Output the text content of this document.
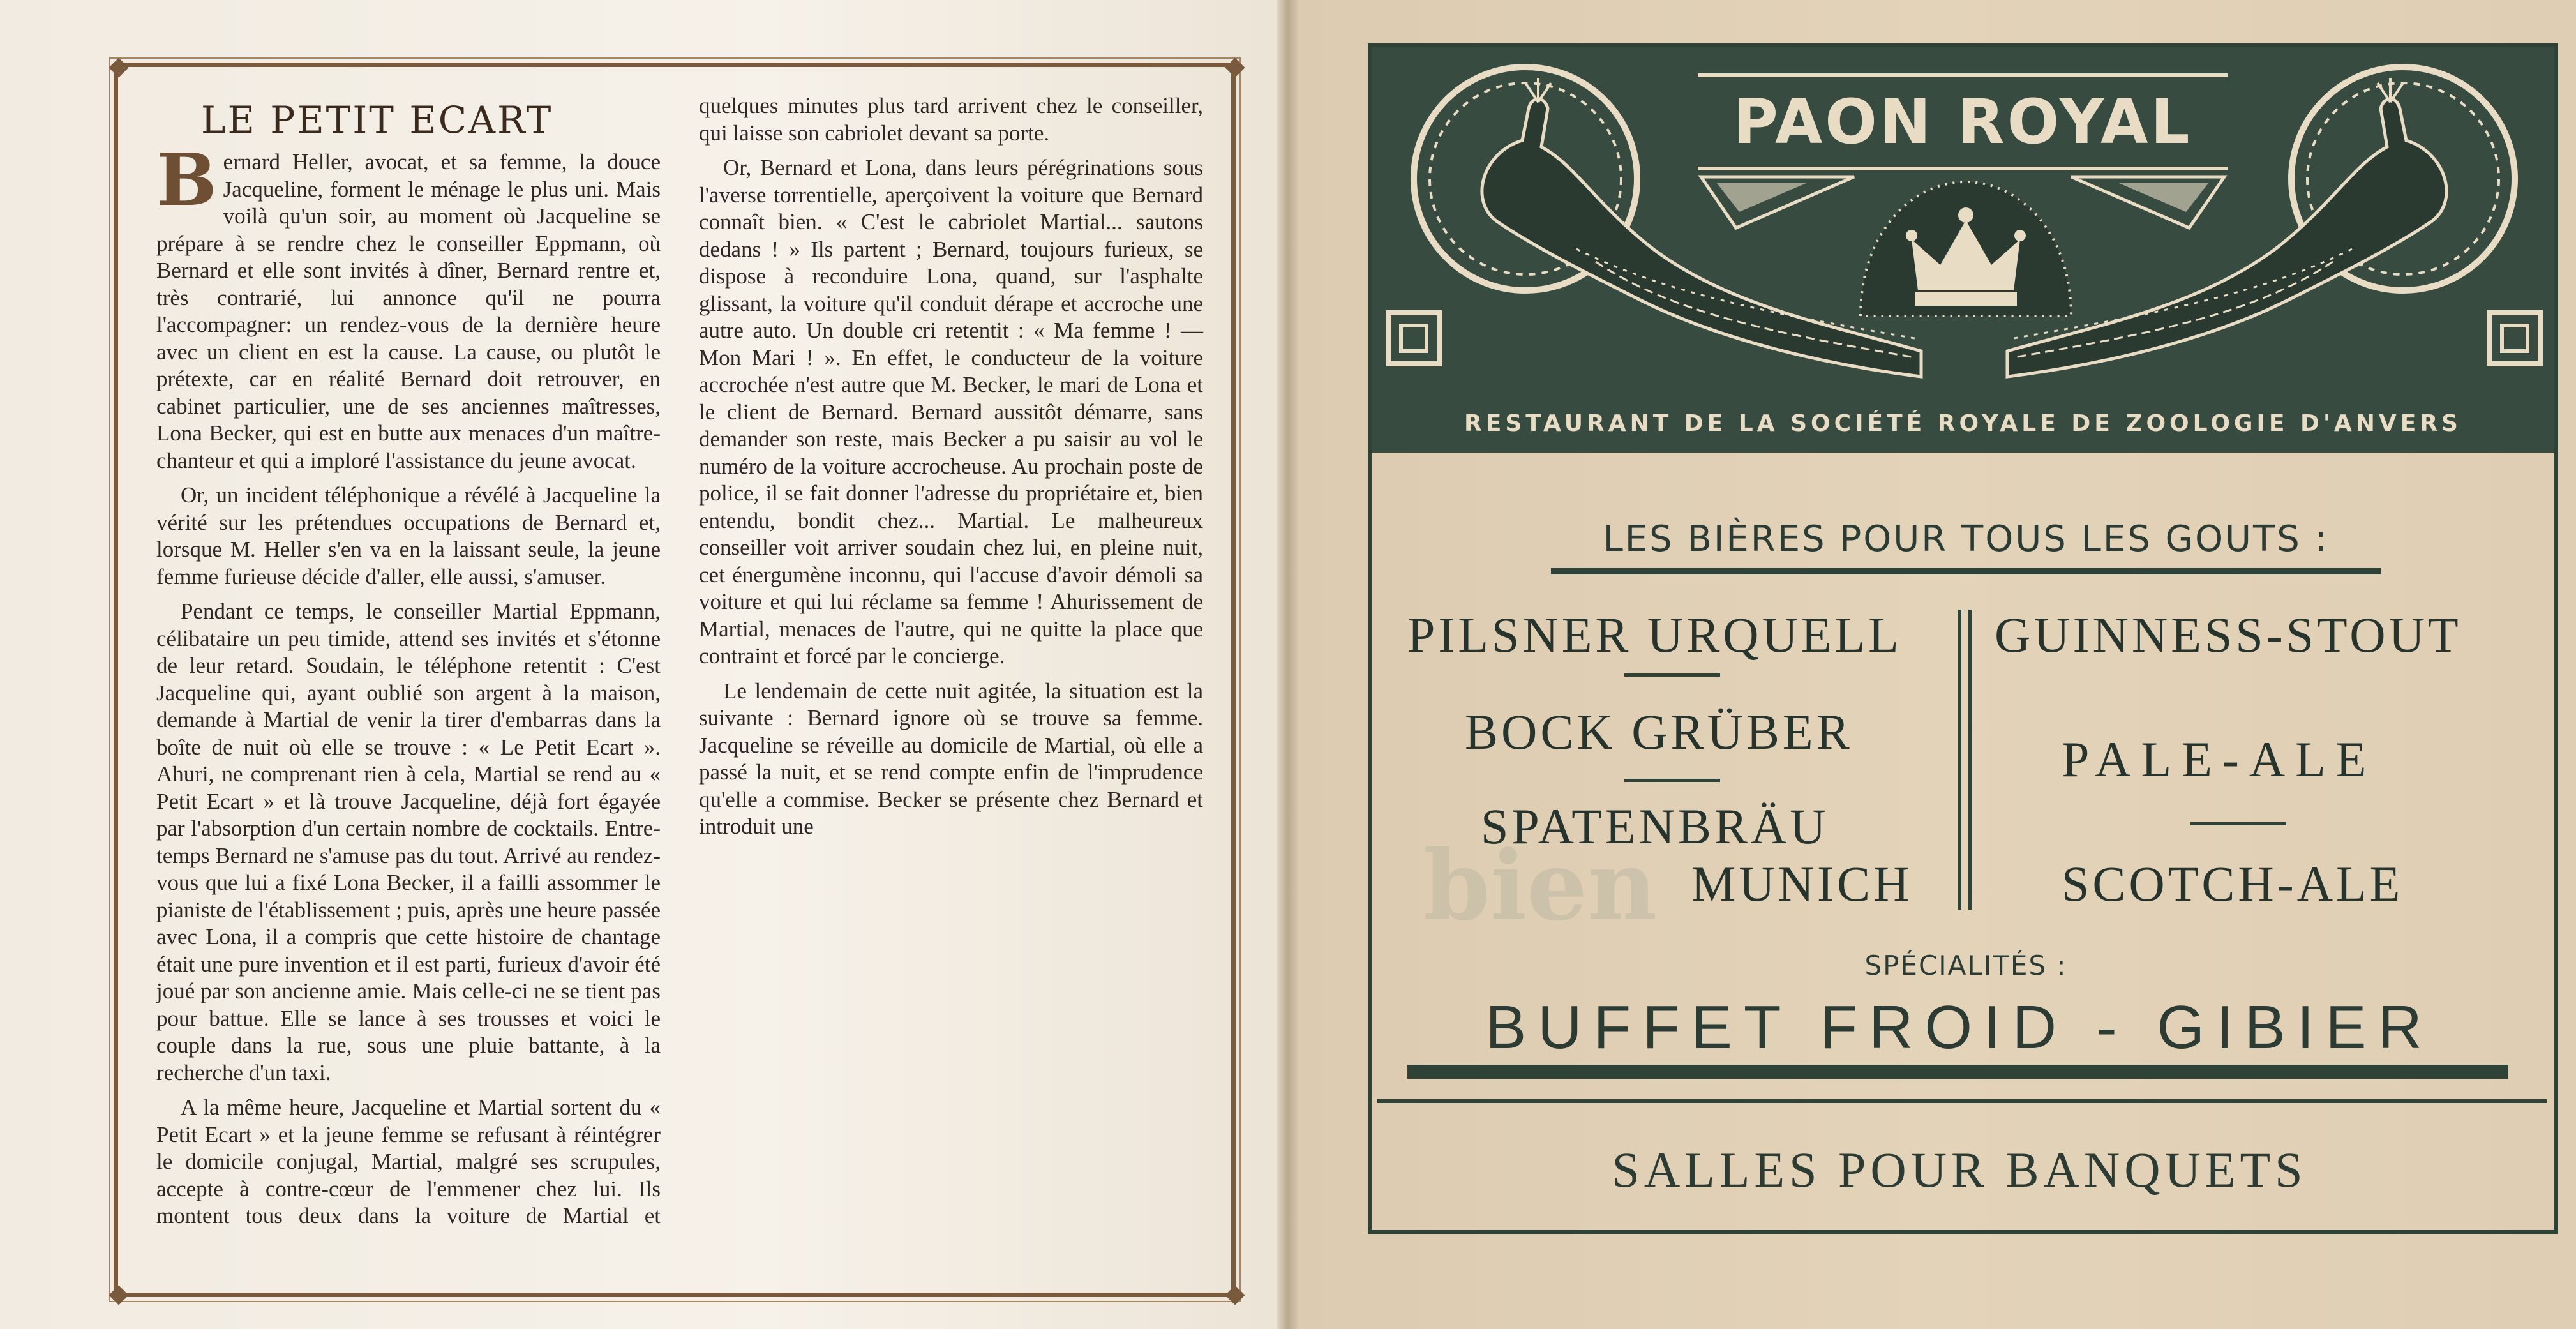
LE PETIT ECART

Bernard Heller, avocat, et sa femme, la douce Jacqueline, forment le ménage le plus uni. Mais voilà qu'un soir, au moment où Jacqueline se prépare à se rendre chez le conseiller Eppmann, où Bernard et elle sont invités à dîner, Bernard rentre et, très contrarié, lui annonce qu'il ne pourra l'accompagner: un rendez-vous de la dernière heure avec un client en est la cause. La cause, ou plutôt le prétexte, car en réalité Bernard doit retrouver, en cabinet particulier, une de ses anciennes maîtresses, Lona Becker, qui est en butte aux menaces d'un maître-chanteur et qui a imploré l'assistance du jeune avocat.

Or, un incident téléphonique a révélé à Jacqueline la vérité sur les prétendues occupations de Bernard et, lorsque M. Heller s'en va en la laissant seule, la jeune femme furieuse décide d'aller, elle aussi, s'amuser.

Pendant ce temps, le conseiller Martial Eppmann, célibataire un peu timide, attend ses invités et s'étonne de leur retard. Soudain, le téléphone retentit : C'est Jacqueline qui, ayant oublié son argent à la maison, demande à Martial de venir la tirer d'embarras dans la boîte de nuit où elle se trouve : « Le Petit Ecart ». Ahuri, ne comprenant rien à cela, Martial se rend au « Petit Ecart » et là trouve Jacqueline, déjà fort égayée par l'absorption d'un certain nombre de cocktails. Entre-temps Bernard ne s'amuse pas du tout. Arrivé au rendez-vous que lui a fixé Lona Becker, il a failli assommer le pianiste de l'établissement ; puis, après une heure passée avec Lona, il a compris que cette histoire de chantage était une pure invention et il est parti, furieux d'avoir été joué par son ancienne amie. Mais celle-ci ne se tient pas pour battue. Elle se lance à ses trousses et voici le couple dans la rue, sous une pluie battante, à la recherche d'un taxi.

A la même heure, Jacqueline et Martial sortent du « Petit Ecart » et la jeune femme se refusant à réintégrer le domicile conjugal, Martial, malgré ses scrupules, accepte à contre-cœur de l'emmener chez lui. Ils montent tous deux dans la voiture de Martial et quelques minutes plus tard arrivent chez le conseiller, qui laisse son cabriolet devant sa porte.

Or, Bernard et Lona, dans leurs pérégrinations sous l'averse torrentielle, aperçoivent la voiture que Bernard connaît bien. « C'est le cabriolet Martial... sautons dedans ! » Ils partent ; Bernard, toujours furieux, se dispose à reconduire Lona, quand, sur l'asphalte glissant, la voiture qu'il conduit dérape et accroche une autre auto. Un double cri retentit : « Ma femme ! — Mon Mari ! ». En effet, le conducteur de la voiture accrochée n'est autre que M. Becker, le mari de Lona et le client de Bernard. Bernard aussitôt démarre, sans demander son reste, mais Becker a pu saisir au vol le numéro de la voiture accrocheuse. Au prochain poste de police, il se fait donner l'adresse du propriétaire et, bien entendu, bondit chez... Martial. Le malheureux conseiller voit arriver soudain chez lui, en pleine nuit, cet énergumène inconnu, qui l'accuse d'avoir démoli sa voiture et qui lui réclame sa femme ! Ahurissement de Martial, menaces de l'autre, qui ne quitte la place que contraint et forcé par le concierge.

Le lendemain de cette nuit agitée, la situation est la suivante : Bernard ignore où se trouve sa femme. Jacqueline se réveille au domicile de Martial, où elle a passé la nuit, et se rend compte enfin de l'imprudence qu'elle a commise. Becker se présente chez Bernard et introduit une

bien
PAON ROYAL
RESTAURANT DE LA SOCIÉTÉ ROYALE DE ZOOLOGIE D'ANVERS
LES BIÈRES POUR TOUS LES GOUTS :
PILSNER URQUELL
BOCK GRÜBER
SPATENBRÄU
MUNICH
GUINNESS-STOUT
PALE-ALE
SCOTCH-ALE
SPÉCIALITÉS :
BUFFET FROID - GIBIER
SALLES POUR BANQUETS
